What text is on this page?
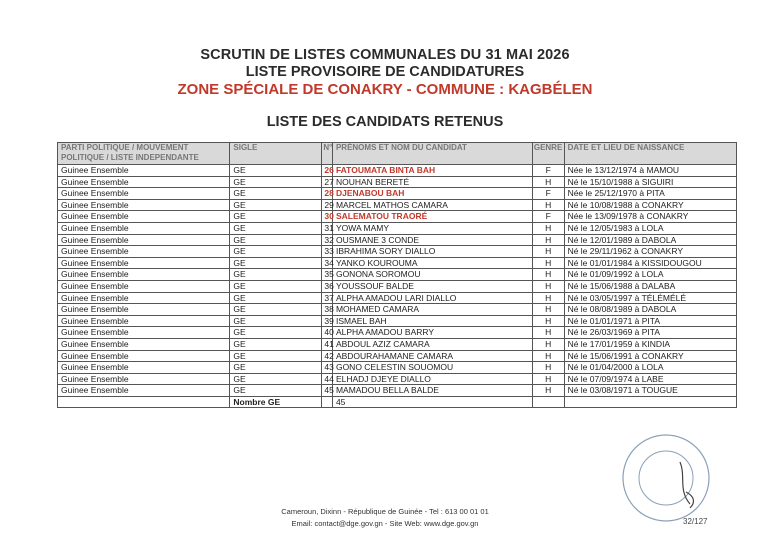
SCRUTIN DE LISTES COMMUNALES DU 31 MAI 2026
LISTE PROVISOIRE DE CANDIDATURES
ZONE SPÉCIALE DE CONAKRY - COMMUNE : KAGBÉLEN
LISTE DES CANDIDATS RETENUS
PARTI POLITIQUE / MOUVEMENT POLITIQUE / LISTE INDEPENDANTE	SIGLE	N°	PRÉNOMS ET NOM DU CANDIDAT	GENRE	DATE ET LIEU DE NAISSANCE
Guinee Ensemble	GE	26	FATOUMATA BINTA BAH	F	Née le 13/12/1974 à MAMOU
Guinee Ensemble	GE	27	NOUHAN BERETÉ	H	Né le 15/10/1988 à SIGUIRI
Guinee Ensemble	GE	28	DJENABOU BAH	F	Née le 25/12/1970 à PITA
Guinee Ensemble	GE	29	MARCEL MATHOS CAMARA	H	Né le 10/08/1988 à CONAKRY
Guinee Ensemble	GE	30	SALEMATOU TRAORÉ	F	Née le 13/09/1978 à CONAKRY
Guinee Ensemble	GE	31	YOWA MAMY	H	Né le 12/05/1983 à LOLA
Guinee Ensemble	GE	32	OUSMANE 3 CONDE	H	Né le 12/01/1989 à DABOLA
Guinee Ensemble	GE	33	IBRAHIMA SORY DIALLO	H	Né le 29/11/1962 à CONAKRY
Guinee Ensemble	GE	34	YANKO KOUROUMA	H	Né le 01/01/1984 à KISSIDOUGOU
Guinee Ensemble	GE	35	GONONA SOROMOU	H	Né le 01/09/1992 à LOLA
Guinee Ensemble	GE	36	YOUSSOUF BALDE	H	Né le 15/06/1988 à DALABA
Guinee Ensemble	GE	37	ALPHA AMADOU LARI DIALLO	H	Né le 03/05/1997 à TÉLÉMÉLÉ
Guinee Ensemble	GE	38	MOHAMED CAMARA	H	Né le 08/08/1989 à DABOLA
Guinee Ensemble	GE	39	ISMAEL BAH	H	Né le 01/01/1971 à PITA
Guinee Ensemble	GE	40	ALPHA AMADOU BARRY	H	Né le 26/03/1969 à PITA
Guinee Ensemble	GE	41	ABDOUL AZIZ CAMARA	H	Né le 17/01/1959 à KINDIA
Guinee Ensemble	GE	42	ABDOURAHAMANE CAMARA	H	Né le 15/06/1991 à CONAKRY
Guinee Ensemble	GE	43	GONO CELESTIN SOUOMOU	H	Né le 01/04/2000 à LOLA
Guinee Ensemble	GE	44	ELHADJ DJEYE DIALLO	H	Né le 07/09/1974 à LABE
Guinee Ensemble	GE	45	MAMADOU BELLA BALDE	H	Né le 03/08/1971 à TOUGUE
	Nombre GE		45		
Cameroun, Dixinn - République de Guinée - Tel : 613 00 01 01
Email: contact@dge.gov.gn - Site Web: www.dge.gov.gn	32/127
